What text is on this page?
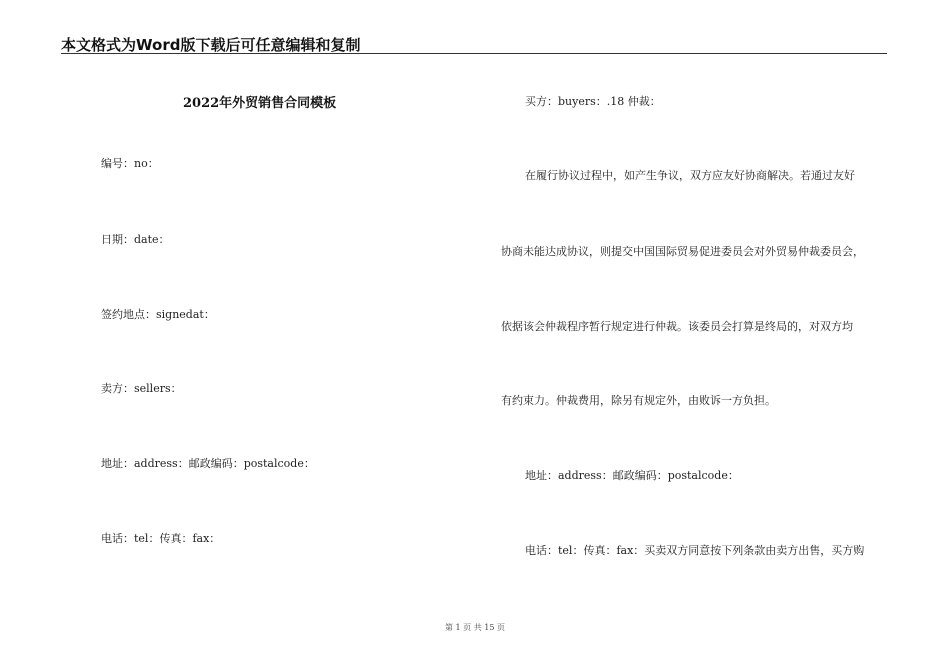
本文格式为Word版下载后可任意编辑和复制
2022年外贸销售合同模板
编号：no：
日期：date：
签约地点：signedat：
卖方：sellers：
地址：address：邮政编码：postalcode：
电话：tel：传真：fax：
买方：buyers：.18 仲裁：
在履行协议过程中，如产生争议，双方应友好协商解决。若通过友好
协商未能达成协议，则提交中国国际贸易促进委员会对外贸易仲裁委员会，
依据该会仲裁程序暂行规定进行仲裁。该委员会打算是终局的，对双方均
有约束力。仲裁费用，除另有规定外，由败诉一方负担。
地址：address：邮政编码：postalcode：
电话：tel：传真：fax：买卖双方同意按下列条款由卖方出售，买方购
第 1 页 共 15 页
